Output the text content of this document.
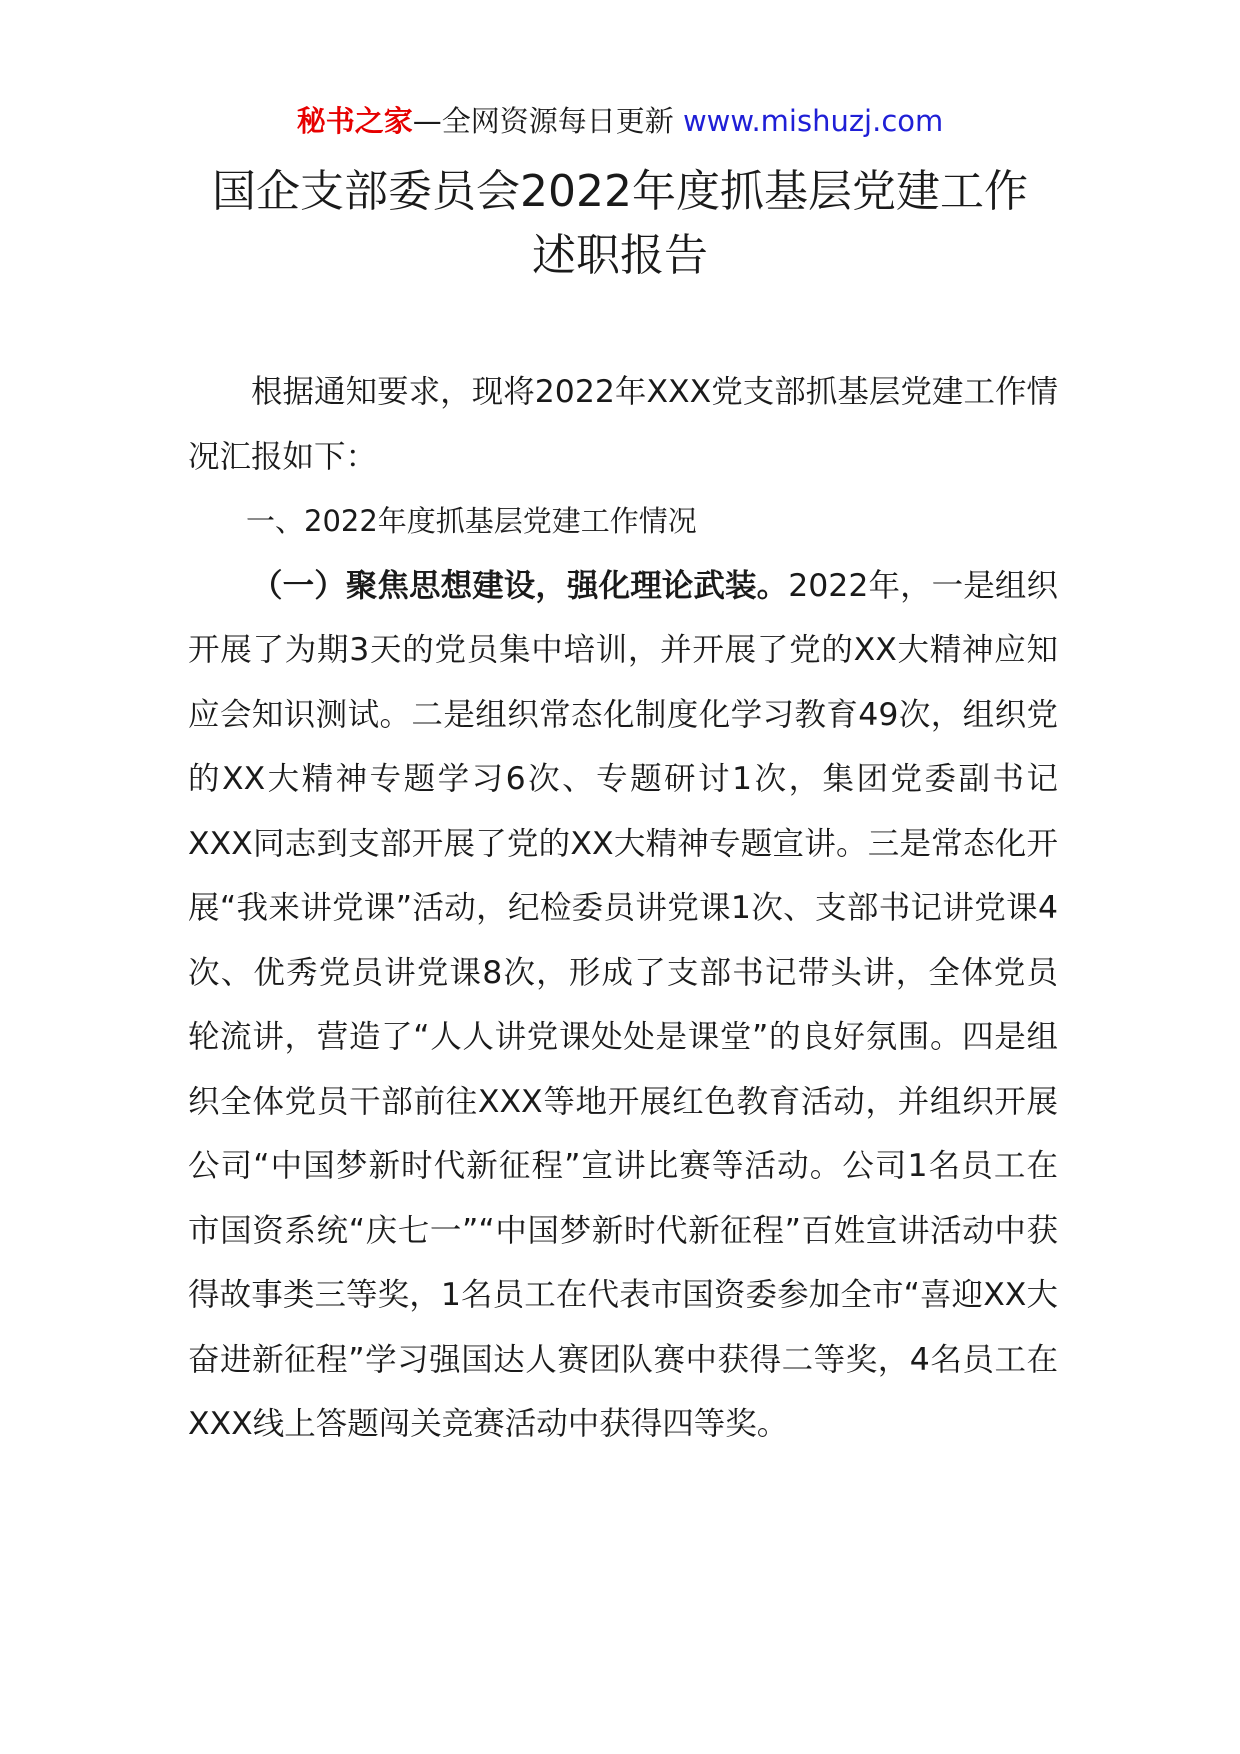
秘书之家—全网资源每日更新 www.mishuzj.com
国企支部委员会2022年度抓基层党建工作
述职报告

根据通知要求，现将2022年XXX党支部抓基层党建工作情况汇报如下：

一、2022年度抓基层党建工作情况

（一）聚焦思想建设，强化理论武装。2022年，一是组织开展了为期3天的党员集中培训，并开展了党的XX大精神应知应会知识测试。二是组织常态化制度化学习教育49次，组织党的XX大精神专题学习6次、专题研讨1次，集团党委副书记XXX同志到支部开展了党的XX大精神专题宣讲。三是常态化开展“我来讲党课”活动，纪检委员讲党课1次、支部书记讲党课4次、优秀党员讲党课8次，形成了支部书记带头讲，全体党员轮流讲，营造了“人人讲党课处处是课堂”的良好氛围。四是组织全体党员干部前往XXX等地开展红色教育活动，并组织开展公司“中国梦新时代新征程”宣讲比赛等活动。公司1名员工在市国资系统“庆七一”“中国梦新时代新征程”百姓宣讲活动中获得故事类三等奖，1名员工在代表市国资委参加全市“喜迎XX大奋进新征程”学习强国达人赛团队赛中获得二等奖，4名员工在XXX线上答题闯关竞赛活动中获得四等奖。
